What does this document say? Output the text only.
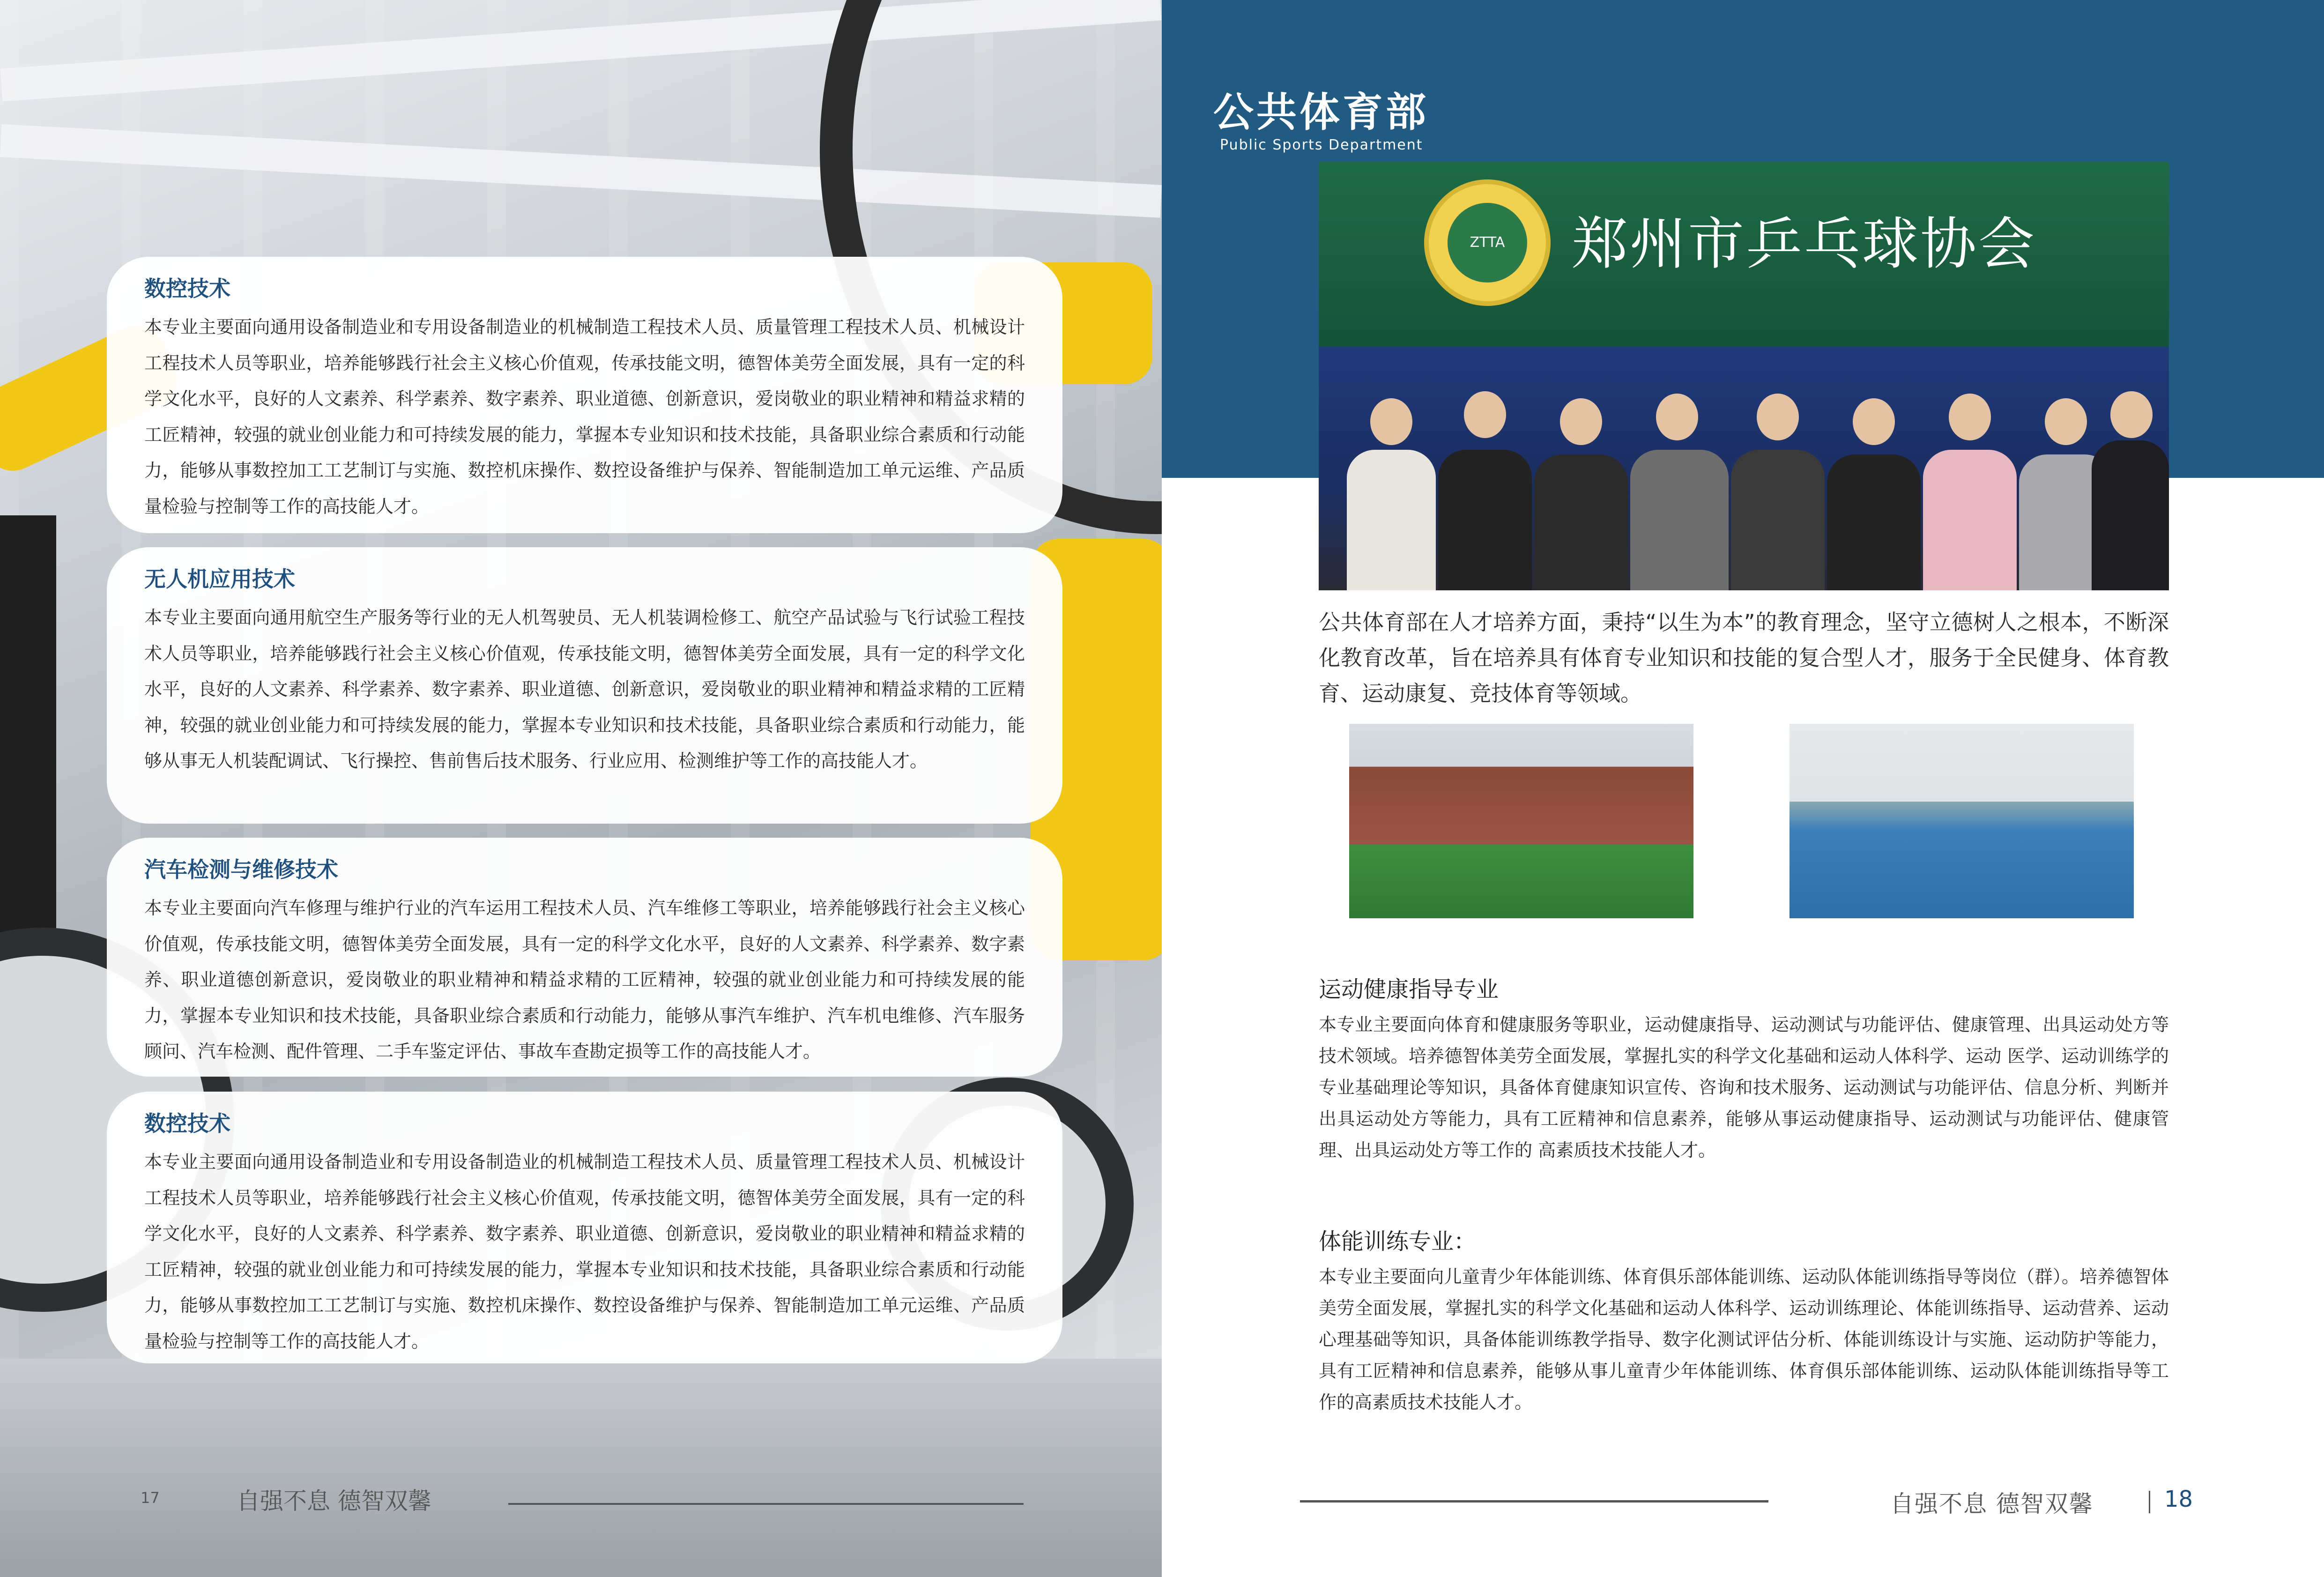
数控技术

本专业主要面向通用设备制造业和专用设备制造业的机械制造工程技术人员、质量管理工程技术人员、机械设计工程技术人员等职业，培养能够践行社会主义核心价值观，传承技能文明，德智体美劳全面发展，具有一定的科学文化水平，良好的人文素养、科学素养、数字素养、职业道德、创新意识，爱岗敬业的职业精神和精益求精的工匠精神，较强的就业创业能力和可持续发展的能力，掌握本专业知识和技术技能，具备职业综合素质和行动能力，能够从事数控加工工艺制订与实施、数控机床操作、数控设备维护与保养、智能制造加工单元运维、产品质量检验与控制等工作的高技能人才。

无人机应用技术

本专业主要面向通用航空生产服务等行业的无人机驾驶员、无人机装调检修工、航空产品试验与飞行试验工程技术人员等职业，培养能够践行社会主义核心价值观，传承技能文明，德智体美劳全面发展，具有一定的科学文化水平，良好的人文素养、科学素养、数字素养、职业道德、创新意识，爱岗敬业的职业精神和精益求精的工匠精神，较强的就业创业能力和可持续发展的能力，掌握本专业知识和技术技能，具备职业综合素质和行动能力，能够从事无人机装配调试、飞行操控、售前售后技术服务、行业应用、检测维护等工作的高技能人才。

汽车检测与维修技术

本专业主要面向汽车修理与维护行业的汽车运用工程技术人员、汽车维修工等职业，培养能够践行社会主义核心价值观，传承技能文明，德智体美劳全面发展，具有一定的科学文化水平，良好的人文素养、科学素养、数字素养、职业道德创新意识，爱岗敬业的职业精神和精益求精的工匠精神，较强的就业创业能力和可持续发展的能力，掌握本专业知识和技术技能，具备职业综合素质和行动能力，能够从事汽车维护、汽车机电维修、汽车服务顾问、汽车检测、配件管理、二手车鉴定评估、事故车查勘定损等工作的高技能人才。

数控技术

本专业主要面向通用设备制造业和专用设备制造业的机械制造工程技术人员、质量管理工程技术人员、机械设计工程技术人员等职业，培养能够践行社会主义核心价值观，传承技能文明，德智体美劳全面发展，具有一定的科学文化水平，良好的人文素养、科学素养、数字素养、职业道德、创新意识，爱岗敬业的职业精神和精益求精的工匠精神，较强的就业创业能力和可持续发展的能力，掌握本专业知识和技术技能，具备职业综合素质和行动能力，能够从事数控加工工艺制订与实施、数控机床操作、数控设备维护与保养、智能制造加工单元运维、产品质量检验与控制等工作的高技能人才。

17	自强不息 德智双馨
公共体育部
Public Sports Department
ZTTA	郑州市乒乓球协会

公共体育部在人才培养方面，秉持“以生为本”的教育理念，坚守立德树人之根本，不断深化教育改革，旨在培养具有体育专业知识和技能的复合型人才，服务于全民健身、体育教育、运动康复、竞技体育等领域。

运动健康指导专业

本专业主要面向体育和健康服务等职业，运动健康指导、运动测试与功能评估、健康管理、出具运动处方等技术领域。培养德智体美劳全面发展，掌握扎实的科学文化基础和运动人体科学、运动 医学、运动训练学的专业基础理论等知识，具备体育健康知识宣传、咨询和技术服务、运动测试与功能评估、信息分析、判断并出具运动处方等能力，具有工匠精神和信息素养，能够从事运动健康指导、运动测试与功能评估、健康管理、出具运动处方等工作的 高素质技术技能人才。

体能训练专业：

本专业主要面向儿童青少年体能训练、体育俱乐部体能训练、运动队体能训练指导等岗位（群）。培养德智体美劳全面发展，掌握扎实的科学文化基础和运动人体科学、运动训练理论、体能训练指导、运动营养、运动心理基础等知识，具备体能训练教学指导、数字化测试评估分析、体能训练设计与实施、运动防护等能力，具有工匠精神和信息素养，能够从事儿童青少年体能训练、体育俱乐部体能训练、运动队体能训练指导等工作的高素质技术技能人才。

自强不息 德智双馨	18
